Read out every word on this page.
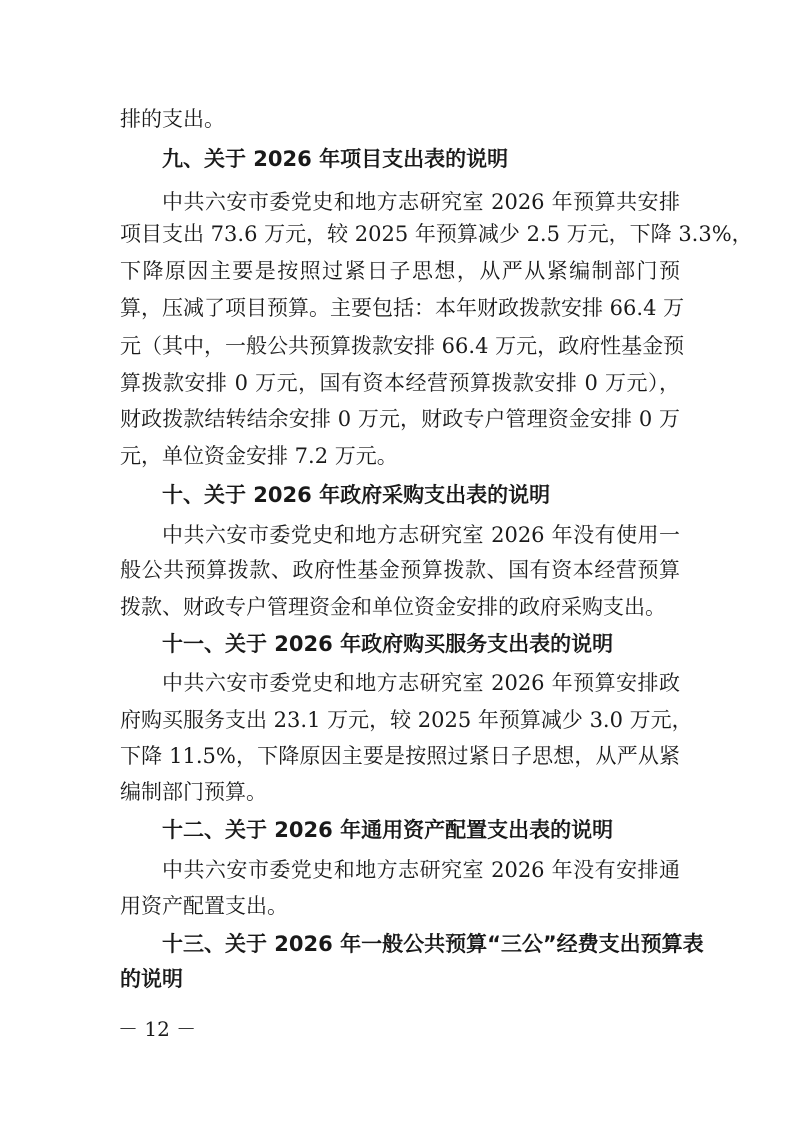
排的支出。
九、关于 2026 年项目支出表的说明
中共六安市委党史和地方志研究室 2026 年预算共安排
项目支出 73.6 万元，较 2025 年预算减少 2.5 万元，下降 3.3%，
下降原因主要是按照过紧日子思想，从严从紧编制部门预
算，压减了项目预算。主要包括：本年财政拨款安排 66.4 万
元（其中，一般公共预算拨款安排 66.4 万元，政府性基金预
算拨款安排 0 万元，国有资本经营预算拨款安排 0 万元），
财政拨款结转结余安排 0 万元，财政专户管理资金安排 0 万
元，单位资金安排 7.2 万元。
十、关于 2026 年政府采购支出表的说明
中共六安市委党史和地方志研究室 2026 年没有使用一
般公共预算拨款、政府性基金预算拨款、国有资本经营预算
拨款、财政专户管理资金和单位资金安排的政府采购支出。
十一、关于 2026 年政府购买服务支出表的说明
中共六安市委党史和地方志研究室 2026 年预算安排政
府购买服务支出 23.1 万元，较 2025 年预算减少 3.0 万元，
下降 11.5%，下降原因主要是按照过紧日子思想，从严从紧
编制部门预算。
十二、关于 2026 年通用资产配置支出表的说明
中共六安市委党史和地方志研究室 2026 年没有安排通
用资产配置支出。
十三、关于 2026 年一般公共预算“三公”经费支出预算表
的说明
－ 12 －
